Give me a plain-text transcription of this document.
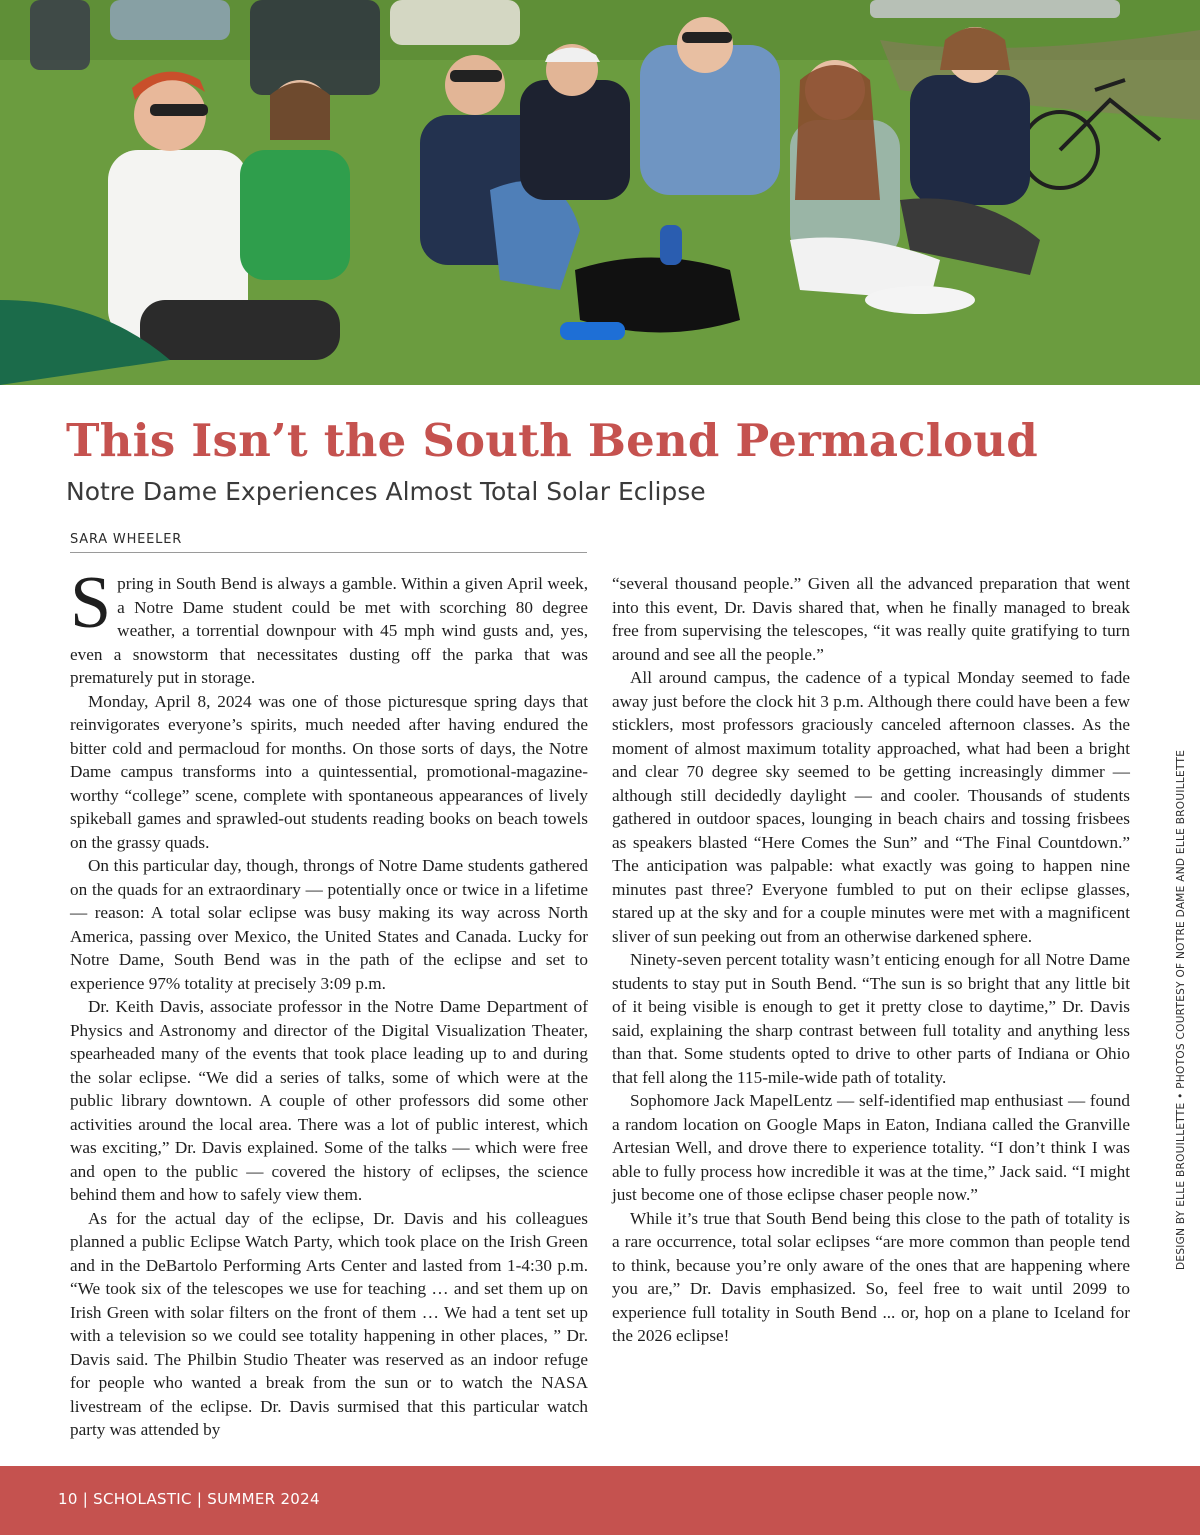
This Isn’t the South Bend Permacloud
Notre Dame Experiences Almost Total Solar Eclipse
SARA WHEELER

Spring in South Bend is always a gamble. Within a given April week, a Notre Dame student could be met with scorching 80 degree weather, a torrential downpour with 45 mph wind gusts and, yes, even a snowstorm that necessitates dusting off the parka that was prematurely put in storage.

Monday, April 8, 2024 was one of those picturesque spring days that reinvigorates everyone’s spirits, much needed after having endured the bitter cold and permacloud for months. On those sorts of days, the Notre Dame campus transforms into a quintessential, promotional-magazine-worthy “college” scene, complete with spontaneous appearances of lively spikeball games and sprawled-out students reading books on beach towels on the grassy quads.

On this particular day, though, throngs of Notre Dame students gathered on the quads for an extraordinary — potentially once or twice in a lifetime — reason: A total solar eclipse was busy making its way across North America, passing over Mexico, the United States and Canada. Lucky for Notre Dame, South Bend was in the path of the eclipse and set to experience 97% totality at precisely 3:09 p.m.

Dr. Keith Davis, associate professor in the Notre Dame Department of Physics and Astronomy and director of the Digital Visualization Theater, spearheaded many of the events that took place leading up to and during the solar eclipse. “We did a series of talks, some of which were at the public library downtown. A couple of other professors did some other activities around the local area. There was a lot of public interest, which was exciting,” Dr. Davis explained. Some of the talks — which were free and open to the public — covered the history of eclipses, the science behind them and how to safely view them.

As for the actual day of the eclipse, Dr. Davis and his colleagues planned a public Eclipse Watch Party, which took place on the Irish Green and in the DeBartolo Performing Arts Center and lasted from 1-4:30 p.m. “We took six of the telescopes we use for teaching … and set them up on Irish Green with solar filters on the front of them … We had a tent set up with a television so we could see totality happening in other places, ” Dr. Davis said. The Philbin Studio Theater was reserved as an indoor refuge for people who wanted a break from the sun or to watch the NASA livestream of the eclipse. Dr. Davis surmised that this particular watch party was attended by

“several thousand people.” Given all the advanced preparation that went into this event, Dr. Davis shared that, when he finally managed to break free from supervising the telescopes, “it was really quite gratifying to turn around and see all the people.”

All around campus, the cadence of a typical Monday seemed to fade away just before the clock hit 3 p.m. Although there could have been a few sticklers, most professors graciously canceled afternoon classes. As the moment of almost maximum totality approached, what had been a bright and clear 70 degree sky seemed to be getting increasingly dimmer — although still decidedly daylight — and cooler. Thousands of students gathered in outdoor spaces, lounging in beach chairs and tossing frisbees as speakers blasted “Here Comes the Sun” and “The Final Countdown.” The anticipation was palpable: what exactly was going to happen nine minutes past three? Everyone fumbled to put on their eclipse glasses, stared up at the sky and for a couple minutes were met with a magnificent sliver of sun peeking out from an otherwise darkened sphere.

Ninety-seven percent totality wasn’t enticing enough for all Notre Dame students to stay put in South Bend. “The sun is so bright that any little bit of it being visible is enough to get it pretty close to daytime,” Dr. Davis said, explaining the sharp contrast between full totality and anything less than that. Some students opted to drive to other parts of Indiana or Ohio that fell along the 115-mile-wide path of totality.

Sophomore Jack MapelLentz — self-identified map enthusiast — found a random location on Google Maps in Eaton, Indiana called the Granville Artesian Well, and drove there to experience totality. “I don’t think I was able to fully process how incredible it was at the time,” Jack said. “I might just become one of those eclipse chaser people now.”

While it’s true that South Bend being this close to the path of totality is a rare occurrence, total solar eclipses “are more common than people tend to think, because you’re only aware of the ones that are happening where you are,” Dr. Davis emphasized. So, feel free to wait until 2099 to experience full totality in South Bend ... or, hop on a plane to Iceland for the 2026 eclipse!

DESIGN BY ELLE BROUILLETTE • PHOTOS COURTESY OF NOTRE DAME AND ELLE BROUILLETTE
10 | SCHOLASTIC | SUMMER 2024
